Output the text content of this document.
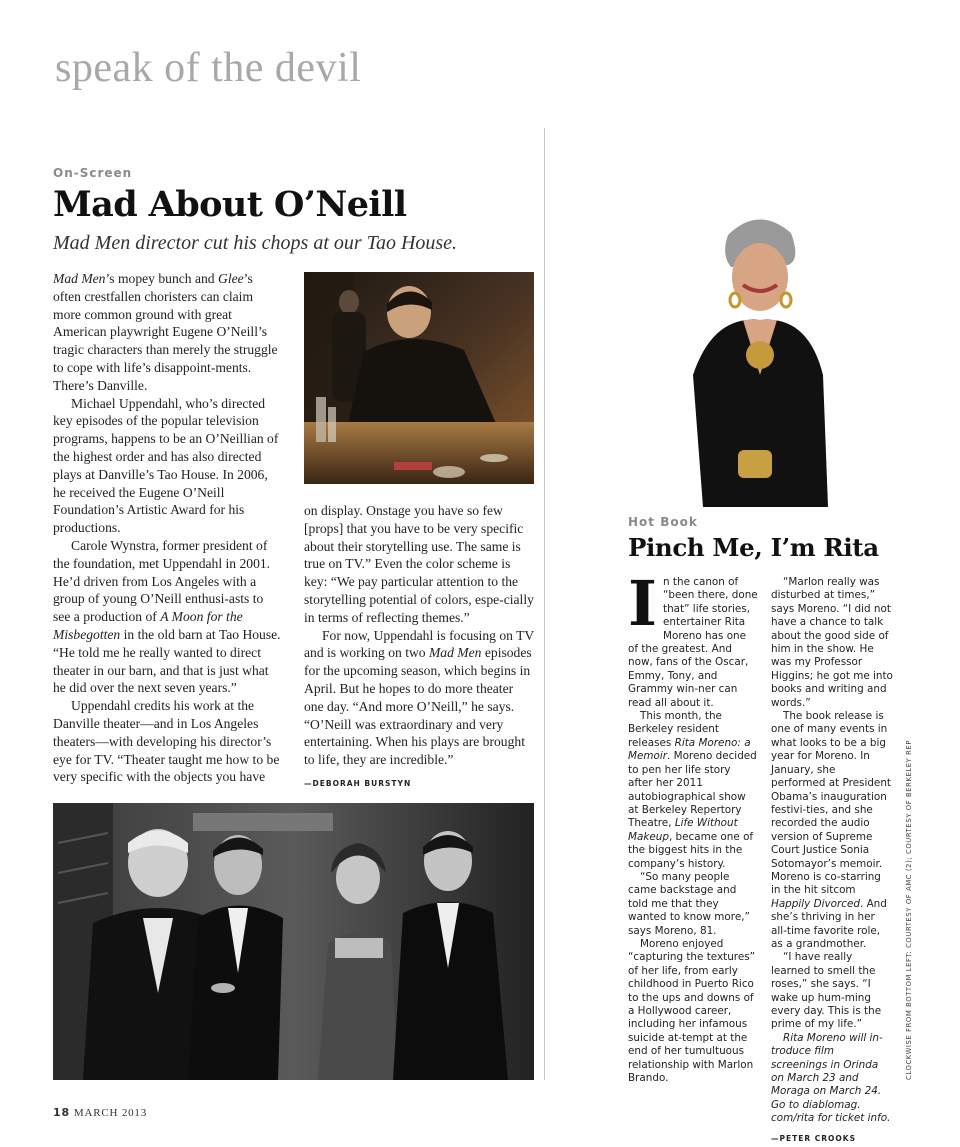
speak of the devil
On-Screen
Mad About O’Neill
Mad Men director cut his chops at our Tao House.

Mad Men’s mopey bunch and Glee’s often crestfallen choristers can claim more common ground with great American playwright Eugene O’Neill’s tragic characters than merely the struggle to cope with life’s disappoint-ments. There’s Danville.

Michael Uppendahl, who’s directed key episodes of the popular television programs, happens to be an O’Neillian of the highest order and has also directed plays at Danville’s Tao House. In 2006, he received the Eugene O’Neill Foundation’s Artistic Award for his productions.

Carole Wynstra, former president of the foundation, met Uppendahl in 2001. He’d driven from Los Angeles with a group of young O’Neill enthusi-asts to see a production of A Moon for the Misbegotten in the old barn at Tao House. “He told me he really wanted to direct theater in our barn, and that is just what he did over the next seven years.”

Uppendahl credits his work at the Danville theater—and in Los Angeles theaters—with developing his director’s eye for TV. “Theater taught me how to be very specific with the objects you have

on display. Onstage you have so few [props] that you have to be very specific about their storytelling use. The same is true on TV.” Even the color scheme is key: “We pay particular attention to the storytelling potential of colors, espe-cially in terms of reflecting themes.”

For now, Uppendahl is focusing on TV and is working on two Mad Men episodes for the upcoming season, which begins in April. But he hopes to do more theater one day. “And more O’Neill,” he says. “O’Neill was extraordinary and very entertaining. When his plays are brought to life, they are incredible.”

—DEBORAH BURSTYN
Hot Book
Pinch Me, I’m Rita

In the canon of “been there, done that” life stories, entertainer Rita Moreno has one of the greatest. And now, fans of the Oscar, Emmy, Tony, and Grammy win-ner can read all about it.

This month, the Berkeley resident releases Rita Moreno: a Memoir. Moreno decided to pen her life story after her 2011 autobiographical show at Berkeley Repertory Theatre, Life Without Makeup, became one of the biggest hits in the company’s history.

“So many people came backstage and told me that they wanted to know more,” says Moreno, 81.

Moreno enjoyed “capturing the textures” of her life, from early childhood in Puerto Rico to the ups and downs of a Hollywood career, including her infamous suicide at-tempt at the end of her tumultuous relationship with Marlon Brando.

“Marlon really was disturbed at times,” says Moreno. “I did not have a chance to talk about the good side of him in the show. He was my Professor Higgins; he got me into books and writing and words.”

The book release is one of many events in what looks to be a big year for Moreno. In January, she performed at President Obama’s inauguration festivi-ties, and she recorded the audio version of Supreme Court Justice Sonia Sotomayor’s memoir. Moreno is co-starring in the hit sitcom Happily Divorced. And she’s thriving in her all-time favorite role, as a grandmother.

“I have really learned to smell the roses,” she says. “I wake up hum-ming every day. This is the prime of my life.”

Rita Moreno will in-troduce film screenings in Orinda on March 23 and Moraga on March 24. Go to diablomag. com/rita for ticket info.

—PETER CROOKS
CLOCKWISE FROM BOTTOM LEFT: COURTESY OF AMC (2); COURTESY OF BERKELEY REP
18 MARCH 2013
